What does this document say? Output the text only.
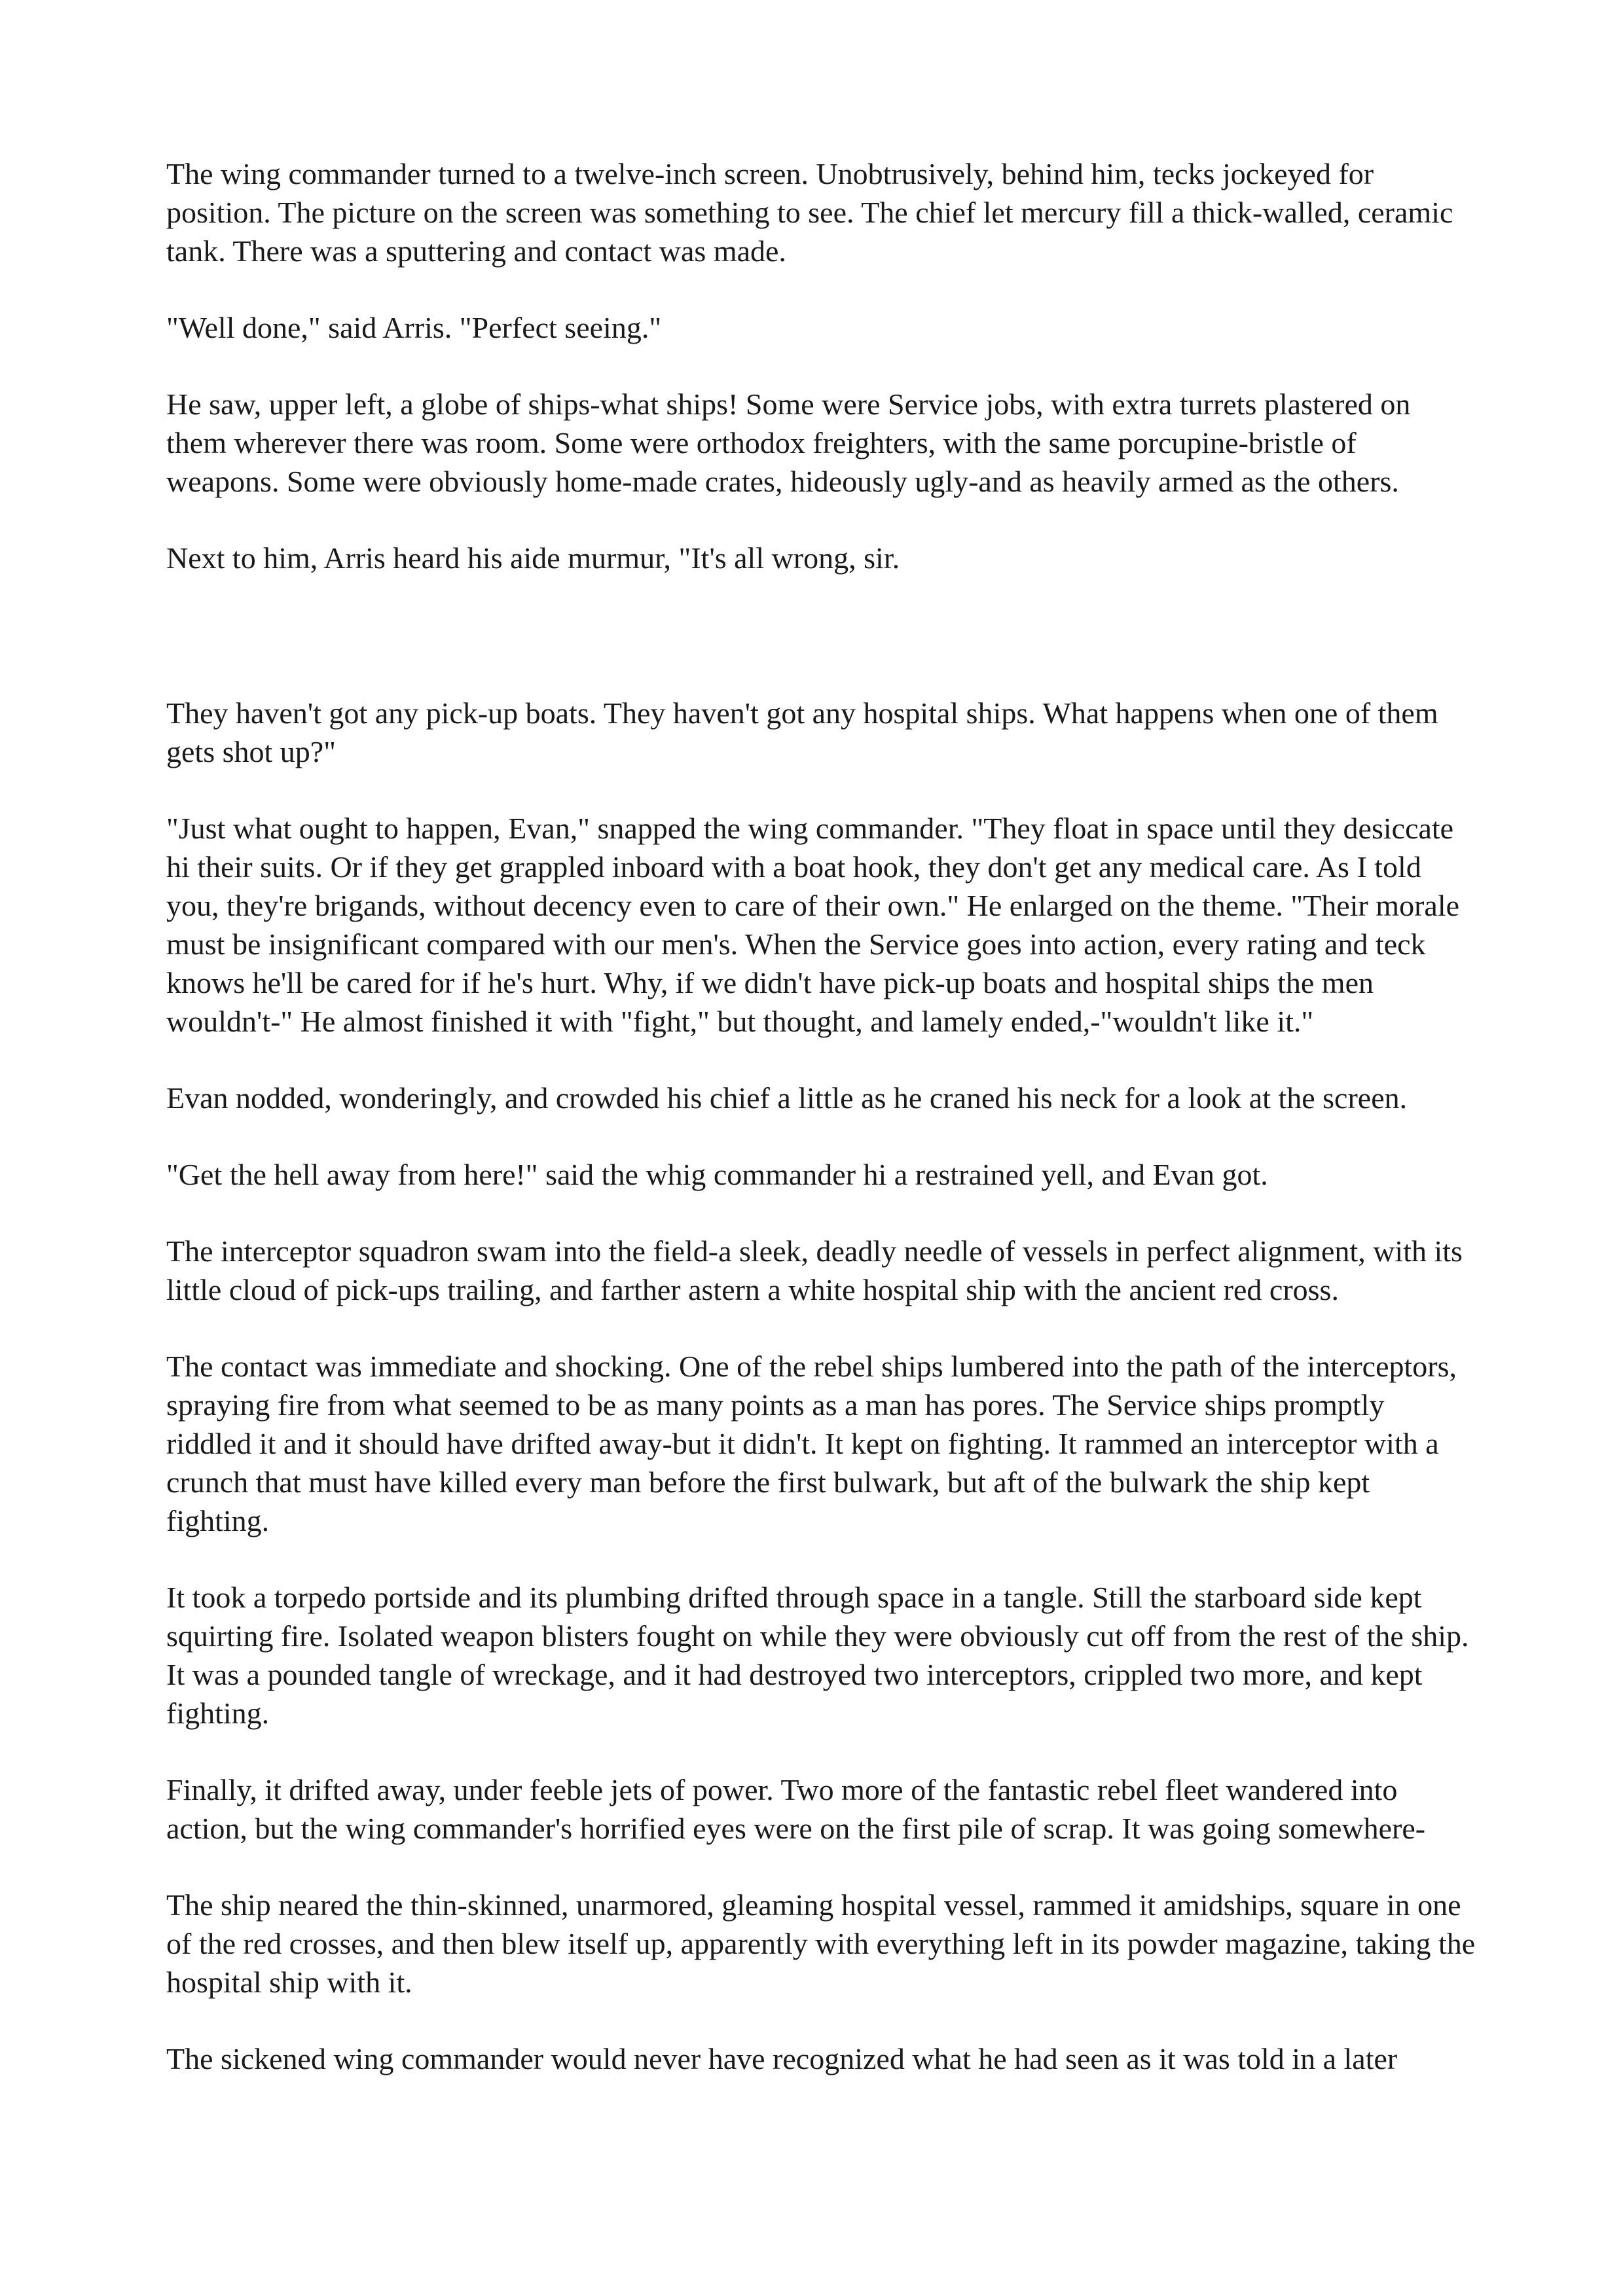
The wing commander turned to a twelve-inch screen. Unobtrusively, behind him, tecks jockeyed for position. The picture on the screen was something to see. The chief let mercury fill a thick-walled, ceramic tank. There was a sputtering and contact was made.

"Well done," said Arris. "Perfect seeing."

He saw, upper left, a globe of ships-what ships! Some were Service jobs, with extra turrets plastered on them wherever there was room. Some were orthodox freighters, with the same porcupine-bristle of weapons. Some were obviously home-made crates, hideously ugly-and as heavily armed as the others.

Next to him, Arris heard his aide murmur, "It's all wrong, sir.

They haven't got any pick-up boats. They haven't got any hospital ships. What happens when one of them gets shot up?"

"Just what ought to happen, Evan," snapped the wing commander. "They float in space until they desiccate hi their suits. Or if they get grappled inboard with a boat hook, they don't get any medical care. As I told you, they're brigands, without decency even to care of their own." He enlarged on the theme. "Their morale must be insignificant compared with our men's. When the Service goes into action, every rating and teck knows he'll be cared for if he's hurt. Why, if we didn't have pick-up boats and hospital ships the men wouldn't-" He almost finished it with "fight," but thought, and lamely ended,-"wouldn't like it."

Evan nodded, wonderingly, and crowded his chief a little as he craned his neck for a look at the screen.

"Get the hell away from here!" said the whig commander hi a restrained yell, and Evan got.

The interceptor squadron swam into the field-a sleek, deadly needle of vessels in perfect alignment, with its little cloud of pick-ups trailing, and farther astern a white hospital ship with the ancient red cross.

The contact was immediate and shocking. One of the rebel ships lumbered into the path of the interceptors, spraying fire from what seemed to be as many points as a man has pores. The Service ships promptly riddled it and it should have drifted away-but it didn't. It kept on fighting. It rammed an interceptor with a crunch that must have killed every man before the first bulwark, but aft of the bulwark the ship kept fighting.

It took a torpedo portside and its plumbing drifted through space in a tangle. Still the starboard side kept squirting fire. Isolated weapon blisters fought on while they were obviously cut off from the rest of the ship. It was a pounded tangle of wreckage, and it had destroyed two interceptors, crippled two more, and kept fighting.

Finally, it drifted away, under feeble jets of power. Two more of the fantastic rebel fleet wandered into action, but the wing commander's horrified eyes were on the first pile of scrap. It was going somewhere-

The ship neared the thin-skinned, unarmored, gleaming hospital vessel, rammed it amidships, square in one of the red crosses, and then blew itself up, apparently with everything left in its powder magazine, taking the hospital ship with it.

The sickened wing commander would never have recognized what he had seen as it was told in a later
